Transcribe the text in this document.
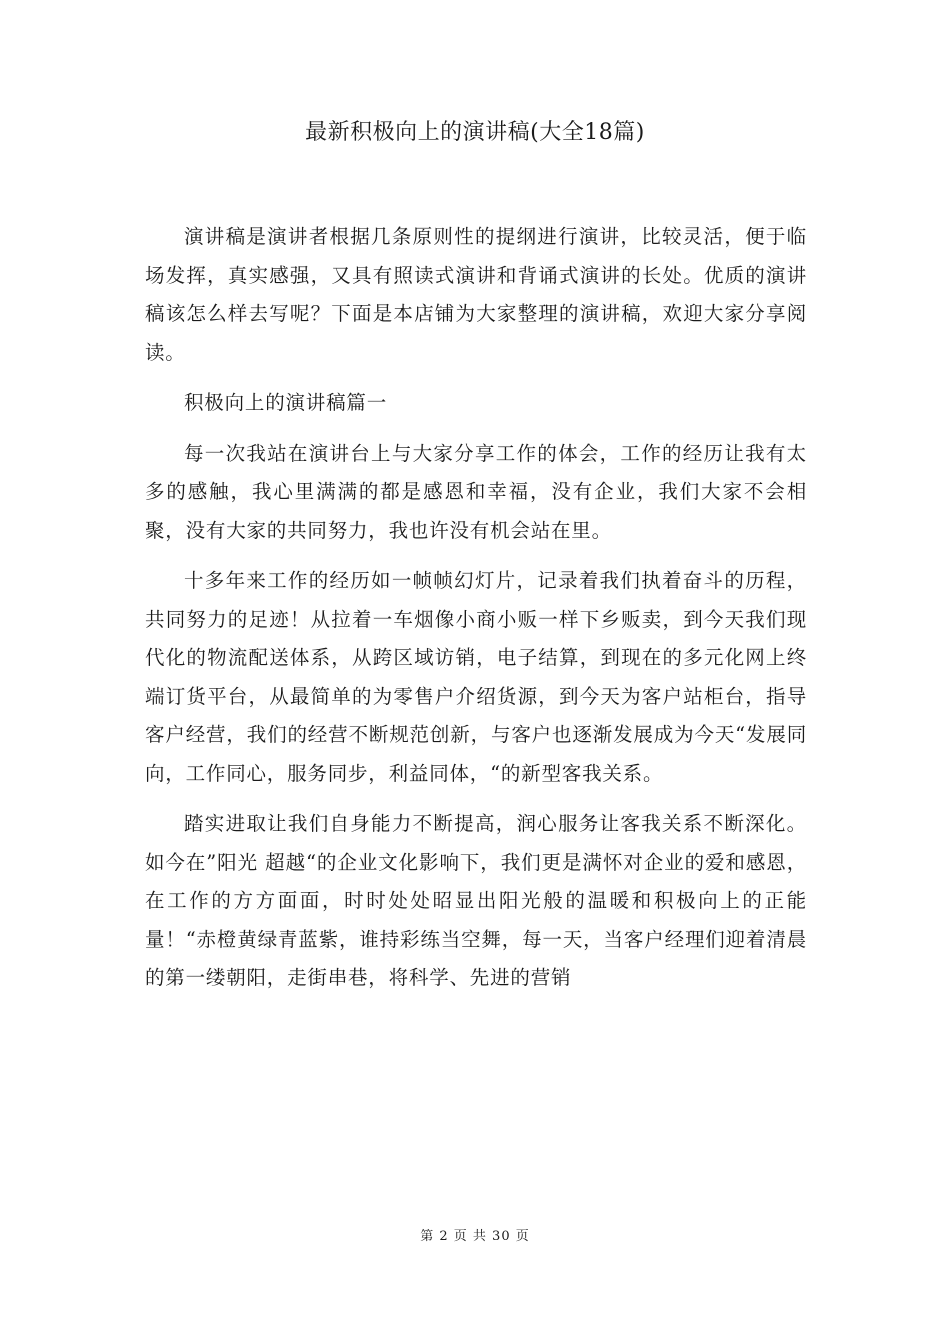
最新积极向上的演讲稿(大全18篇)

演讲稿是演讲者根据几条原则性的提纲进行演讲，比较灵活，便于临场发挥，真实感强，又具有照读式演讲和背诵式演讲的长处。优质的演讲稿该怎么样去写呢？下面是本店铺为大家整理的演讲稿，欢迎大家分享阅读。

积极向上的演讲稿篇一

每一次我站在演讲台上与大家分享工作的体会，工作的经历让我有太多的感触，我心里满满的都是感恩和幸福，没有企业，我们大家不会相聚，没有大家的共同努力，我也许没有机会站在里。

十多年来工作的经历如一帧帧幻灯片，记录着我们执着奋斗的历程，共同努力的足迹！从拉着一车烟像小商小贩一样下乡贩卖，到今天我们现代化的物流配送体系，从跨区域访销，电子结算，到现在的多元化网上终端订货平台，从最简单的为零售户介绍货源，到今天为客户站柜台，指导客户经营，我们的经营不断规范创新，与客户也逐渐发展成为今天“发展同向，工作同心，服务同步，利益同体，“的新型客我关系。

踏实进取让我们自身能力不断提高，润心服务让客我关系不断深化。如今在”阳光 超越“的企业文化影响下，我们更是满怀对企业的爱和感恩，在工作的方方面面，时时处处昭显出阳光般的温暖和积极向上的正能量！“赤橙黄绿青蓝紫，谁持彩练当空舞，每一天，当客户经理们迎着清晨的第一缕朝阳，走街串巷，将科学、先进的营销

第 2 页 共 30 页
